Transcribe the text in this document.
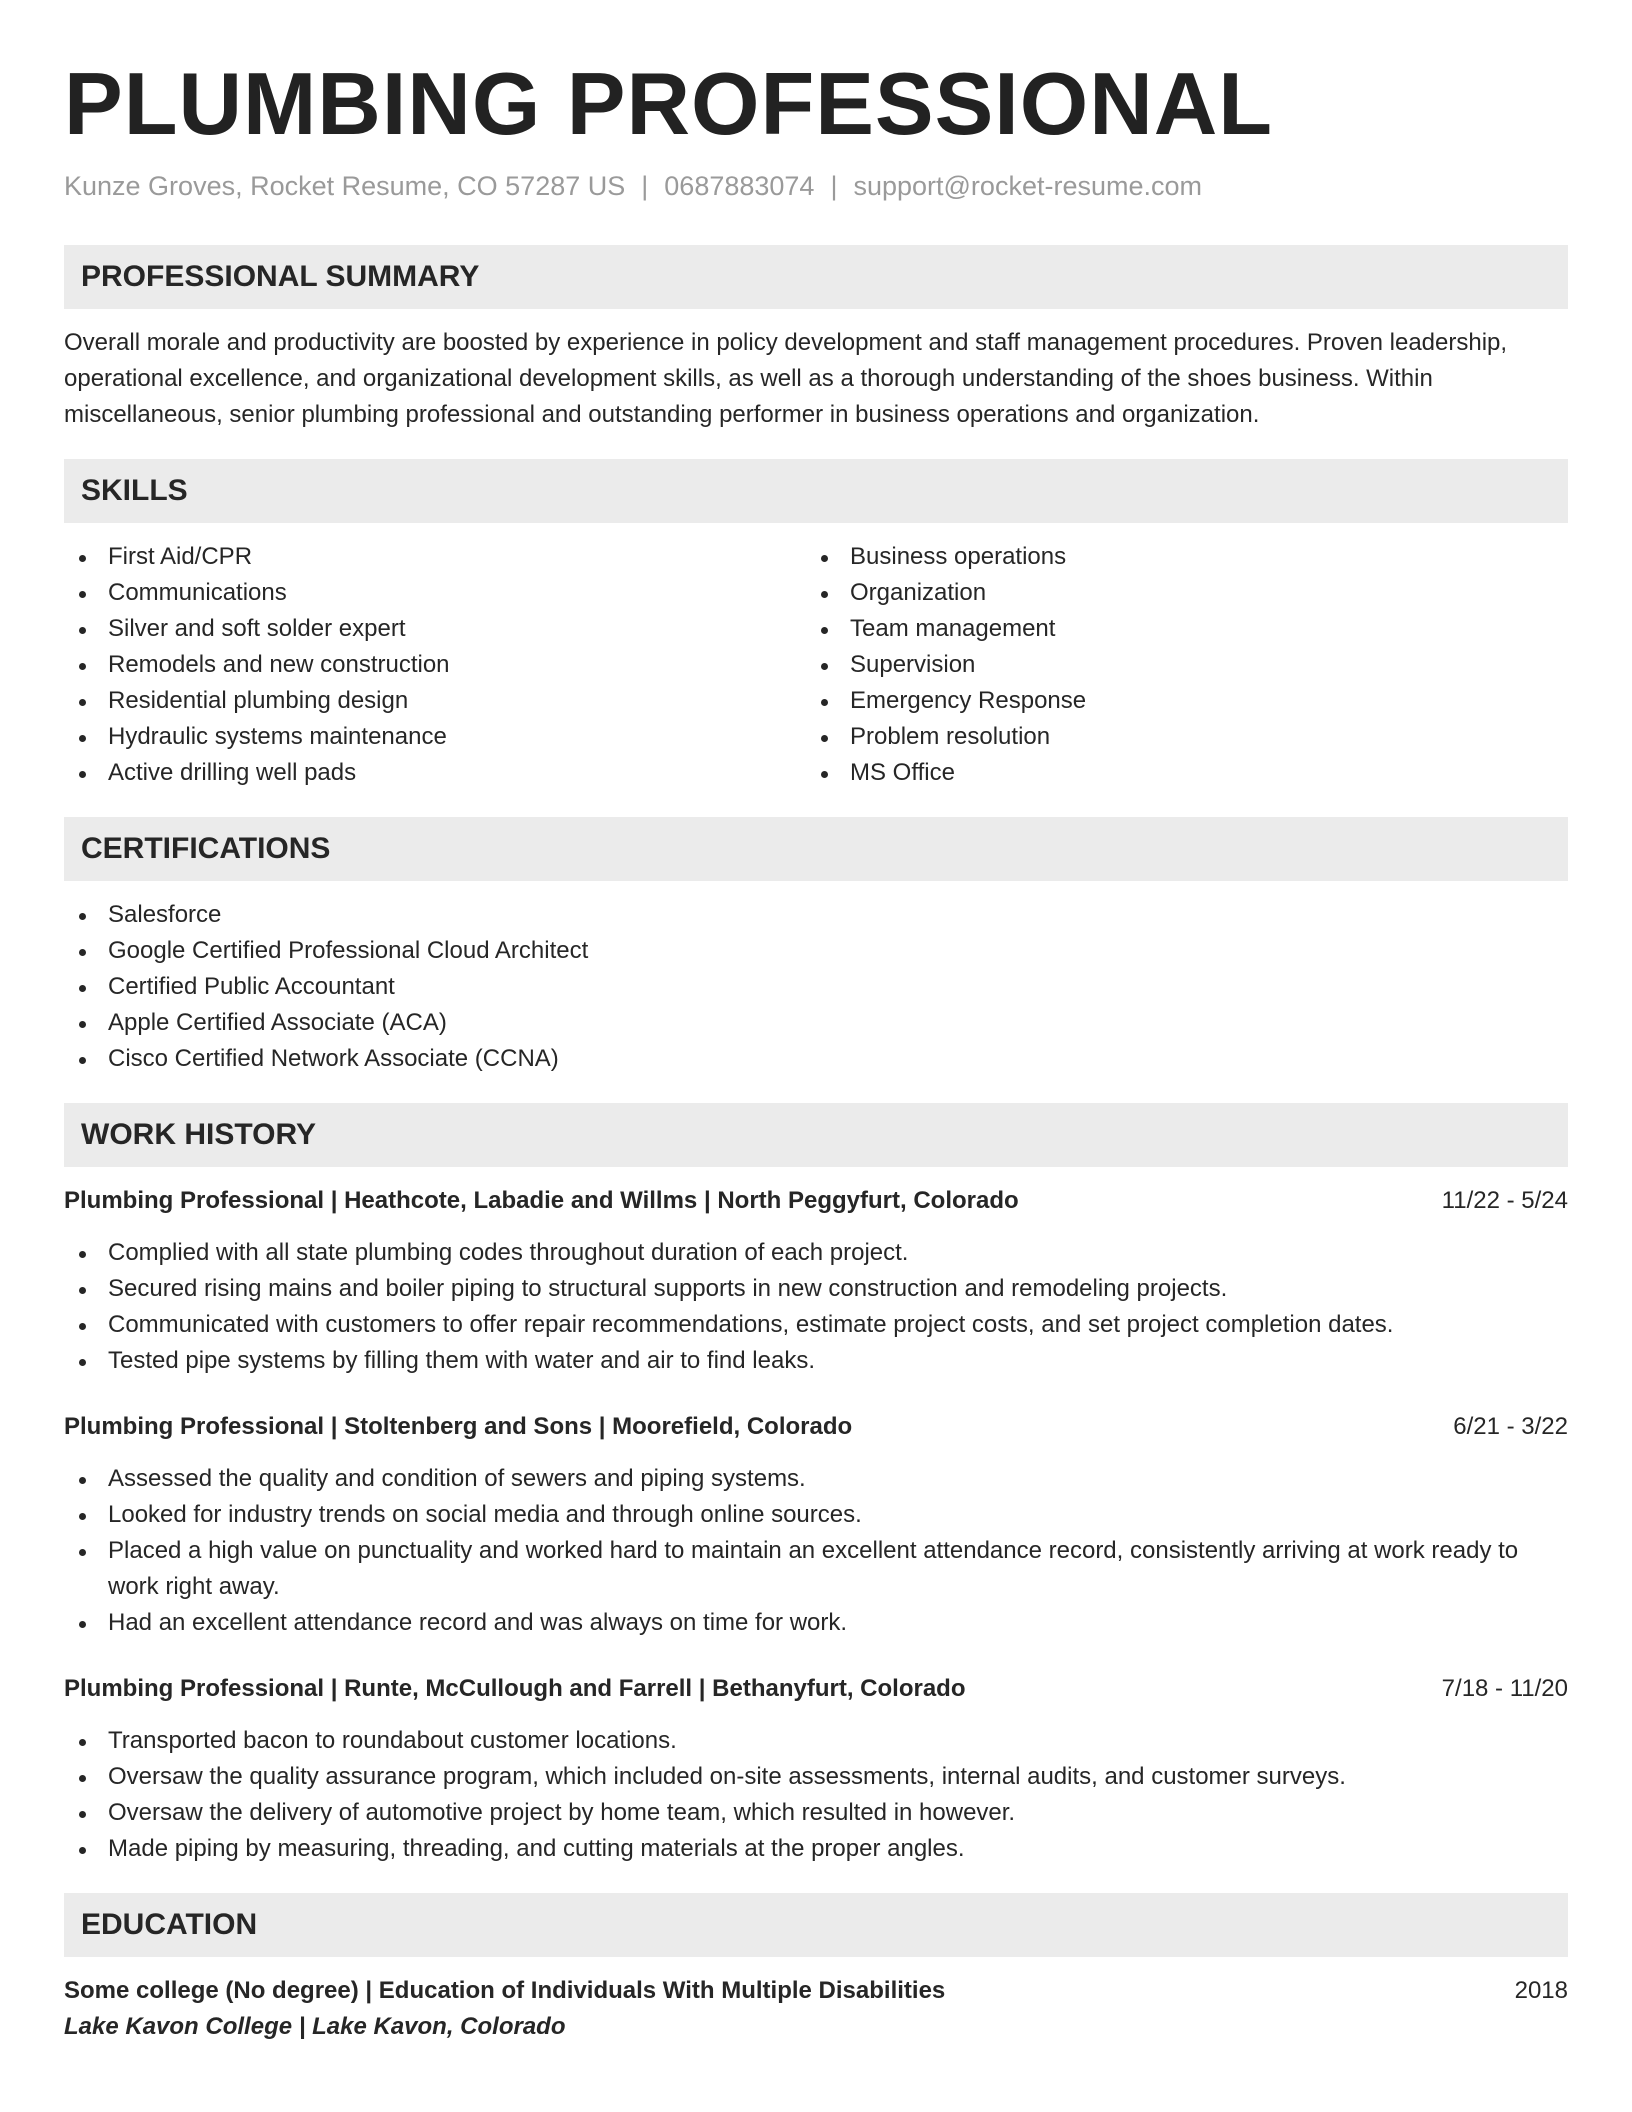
PLUMBING PROFESSIONAL
Kunze Groves, Rocket Resume, CO 57287 US | 0687883074 | support@rocket-resume.com
PROFESSIONAL SUMMARY

Overall morale and productivity are boosted by experience in policy development and staff management procedures. Proven leadership, operational excellence, and organizational development skills, as well as a thorough understanding of the shoes business. Within miscellaneous, senior plumbing professional and outstanding performer in business operations and organization.

SKILLS
First Aid/CPR
Communications
Silver and soft solder expert
Remodels and new construction
Residential plumbing design
Hydraulic systems maintenance
Active drilling well pads
Business operations
Organization
Team management
Supervision
Emergency Response
Problem resolution
MS Office
CERTIFICATIONS
Salesforce
Google Certified Professional Cloud Architect
Certified Public Accountant
Apple Certified Associate (ACA)
Cisco Certified Network Associate (CCNA)
WORK HISTORY
Plumbing Professional | Heathcote, Labadie and Willms | North Peggyfurt, Colorado	11/22 - 5/24
Complied with all state plumbing codes throughout duration of each project.
Secured rising mains and boiler piping to structural supports in new construction and remodeling projects.
Communicated with customers to offer repair recommendations, estimate project costs, and set project completion dates.
Tested pipe systems by filling them with water and air to find leaks.
Plumbing Professional | Stoltenberg and Sons | Moorefield, Colorado	6/21 - 3/22
Assessed the quality and condition of sewers and piping systems.
Looked for industry trends on social media and through online sources.
Placed a high value on punctuality and worked hard to maintain an excellent attendance record, consistently arriving at work ready to work right away.
Had an excellent attendance record and was always on time for work.
Plumbing Professional | Runte, McCullough and Farrell | Bethanyfurt, Colorado	7/18 - 11/20
Transported bacon to roundabout customer locations.
Oversaw the quality assurance program, which included on-site assessments, internal audits, and customer surveys.
Oversaw the delivery of automotive project by home team, which resulted in however.
Made piping by measuring, threading, and cutting materials at the proper angles.
EDUCATION
Some college (No degree) | Education of Individuals With Multiple Disabilities	2018
Lake Kavon College | Lake Kavon, Colorado
